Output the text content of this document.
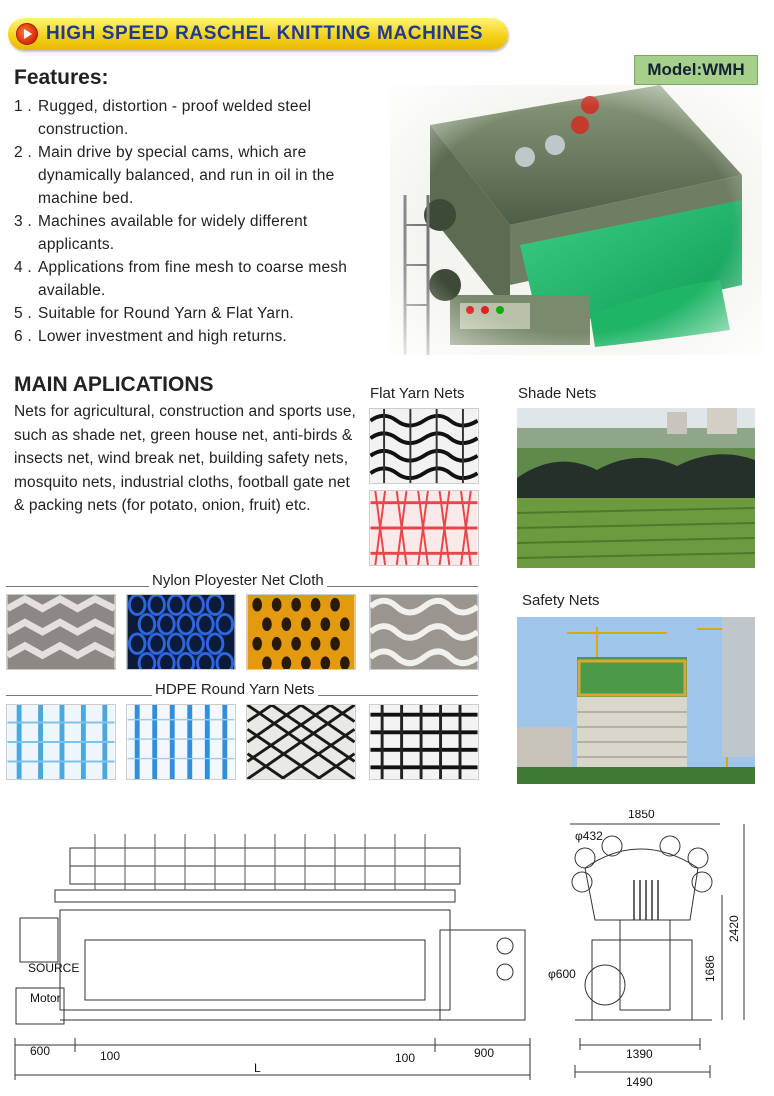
HIGH SPEED RASCHEL KNITTING MACHINES
Model:WMH
Features:
1 . Rugged, distortion - proof welded steel construction.
2 . Main drive by special cams, which are dynamically balanced, and run in oil in the machine bed.
3 . Machines available for widely different applicants.
4 . Applications from fine mesh to coarse mesh available.
5 . Suitable for Round Yarn & Flat Yarn.
6 . Lower investment and high returns.
MAIN APLICATIONS
Nets for agricultural, construction and sports use, such as shade net, green house net, anti-birds & insects net, wind break net, building safety nets, mosquito nets, industrial cloths, football gate net & packing nets (for potato, onion, fruit) etc.
Flat Yarn Nets	Shade Nets
Safety Nets
Nylon Ployester Net Cloth
HDPE Round Yarn Nets
SOURCE
Motor
600	100	100	900
L
1850
φ432
φ600	1686
2420
1390
1490
